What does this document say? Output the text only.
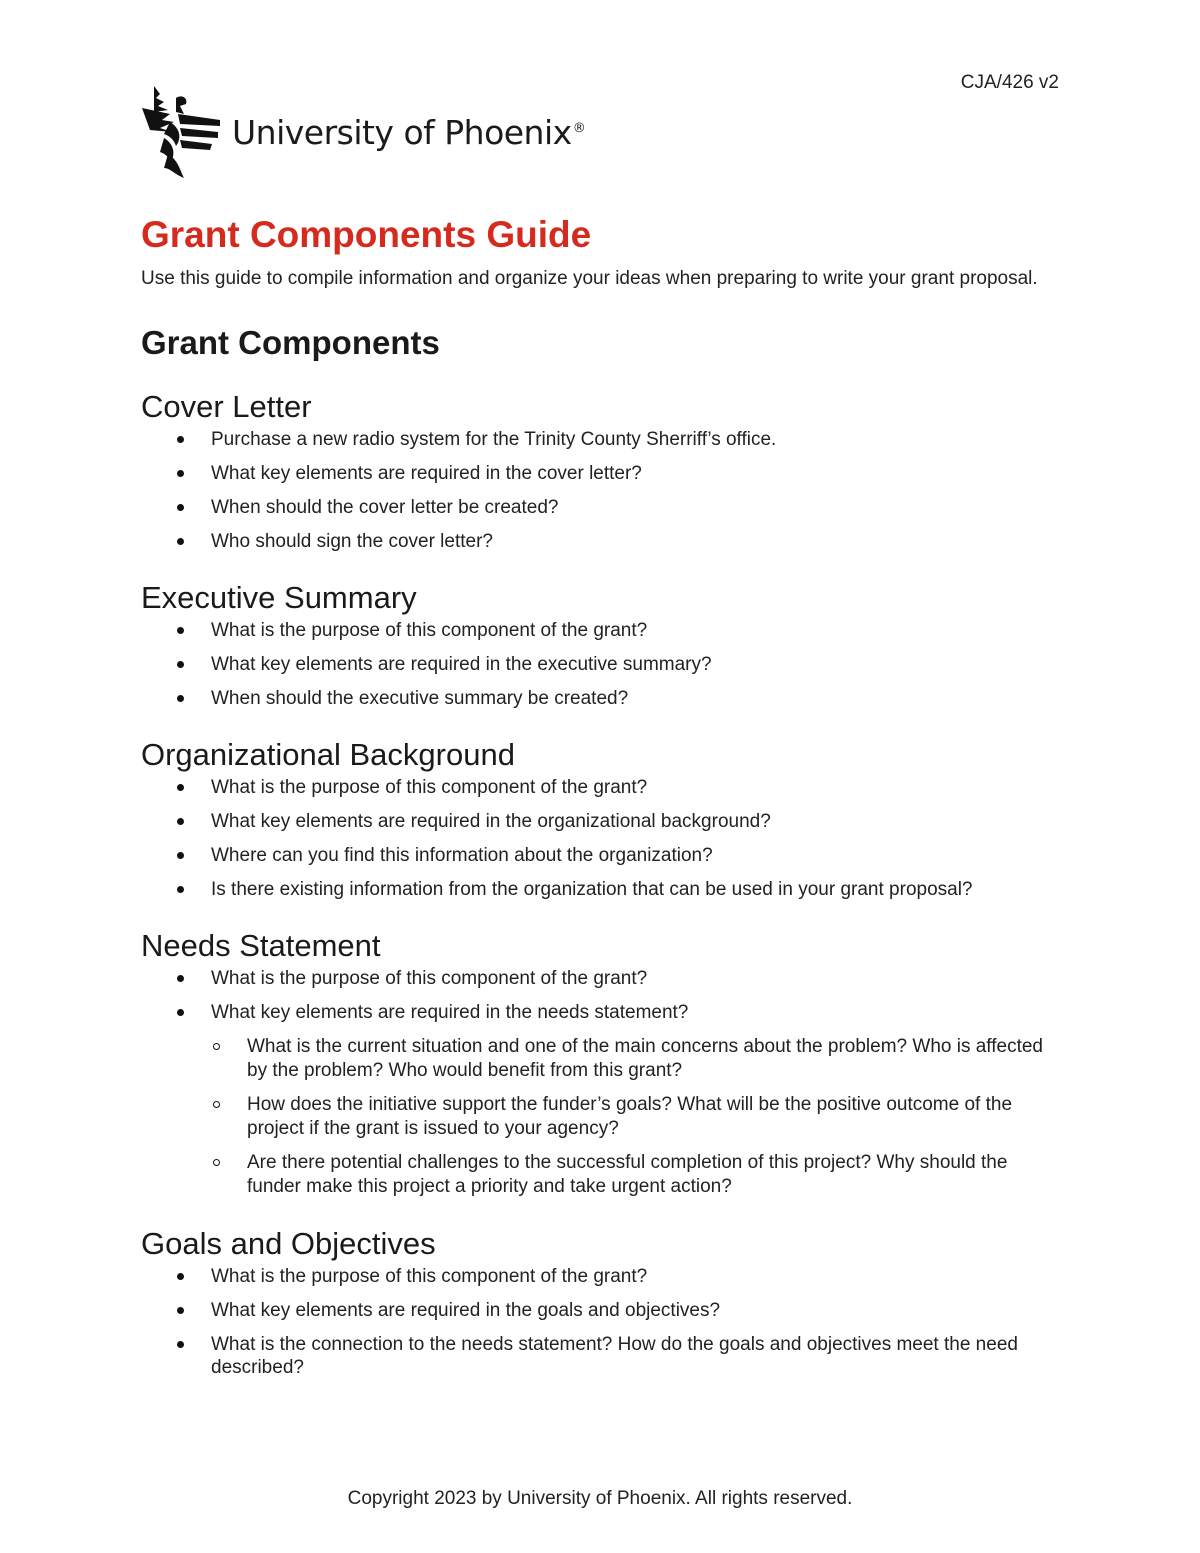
CJA/426 v2
University of Phoenix®
Grant Components Guide

Use this guide to compile information and organize your ideas when preparing to write your grant proposal.

Grant Components
Cover Letter
Purchase a new radio system for the Trinity County Sherriff’s office.
What key elements are required in the cover letter?
When should the cover letter be created?
Who should sign the cover letter?
Executive Summary
What is the purpose of this component of the grant?
What key elements are required in the executive summary?
When should the executive summary be created?
Organizational Background
What is the purpose of this component of the grant?
What key elements are required in the organizational background?
Where can you find this information about the organization?
Is there existing information from the organization that can be used in your grant proposal?
Needs Statement
What is the purpose of this component of the grant?
What key elements are required in the needs statement?
What is the current situation and one of the main concerns about the problem? Who is affected by the problem? Who would benefit from this grant?
How does the initiative support the funder’s goals? What will be the positive outcome of the project if the grant is issued to your agency?
Are there potential challenges to the successful completion of this project? Why should the funder make this project a priority and take urgent action?
Goals and Objectives
What is the purpose of this component of the grant?
What key elements are required in the goals and objectives?
What is the connection to the needs statement? How do the goals and objectives meet the need described?
Copyright 2023 by University of Phoenix. All rights reserved.
